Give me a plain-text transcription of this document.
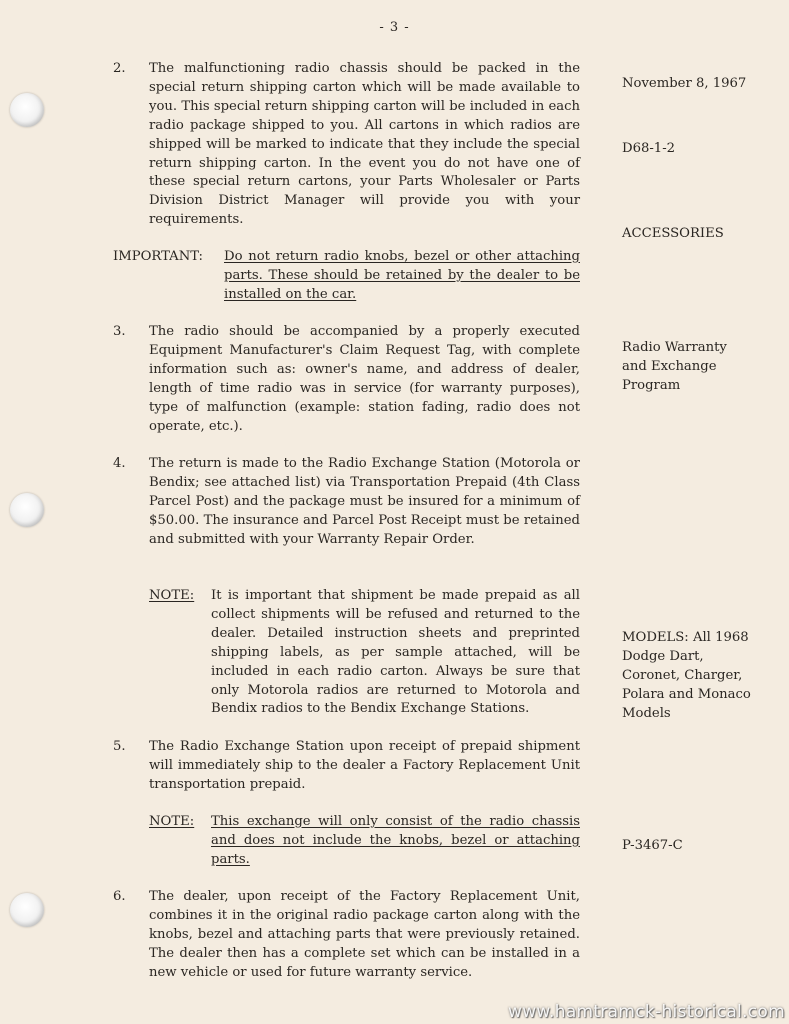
- 3 -
2. The malfunctioning radio chassis should be packed in the special return shipping carton which will be made available to you. This special return shipping carton will be included in each radio package shipped to you. All cartons in which radios are shipped will be marked to indicate that they include the special return shipping carton. In the event you do not have one of these special return cartons, your Parts Wholesaler or Parts Division District Manager will provide you with your requirements.
IMPORTANT: Do not return radio knobs, bezel or other attaching parts. These should be retained by the dealer to be installed on the car.
3. The radio should be accompanied by a properly executed Equipment Manufacturer's Claim Request Tag, with complete information such as: owner's name, and address of dealer, length of time radio was in service (for warranty purposes), type of malfunction (example: station fading, radio does not operate, etc.).
4. The return is made to the Radio Exchange Station (Motorola or Bendix; see attached list) via Transportation Prepaid (4th Class Parcel Post) and the package must be insured for a minimum of $50.00. The insurance and Parcel Post Receipt must be retained and submitted with your Warranty Repair Order.
NOTE: It is important that shipment be made prepaid as all collect shipments will be refused and returned to the dealer. Detailed instruction sheets and preprinted shipping labels, as per sample attached, will be included in each radio carton. Always be sure that only Motorola radios are returned to Motorola and Bendix radios to the Bendix Exchange Stations.
5. The Radio Exchange Station upon receipt of prepaid shipment will immediately ship to the dealer a Factory Replacement Unit transportation prepaid.
NOTE: This exchange will only consist of the radio chassis and does not include the knobs, bezel or attaching parts.
6. The dealer, upon receipt of the Factory Replacement Unit, combines it in the original radio package carton along with the knobs, bezel and attaching parts that were previously retained. The dealer then has a complete set which can be installed in a new vehicle or used for future warranty service.
November 8, 1967
D68-1-2
ACCESSORIES
Radio Warranty and Exchange Program
MODELS: All 1968 Dodge Dart, Coronet, Charger, Polara and Monaco Models
P-3467-C
www.hamtramck-historical.com
